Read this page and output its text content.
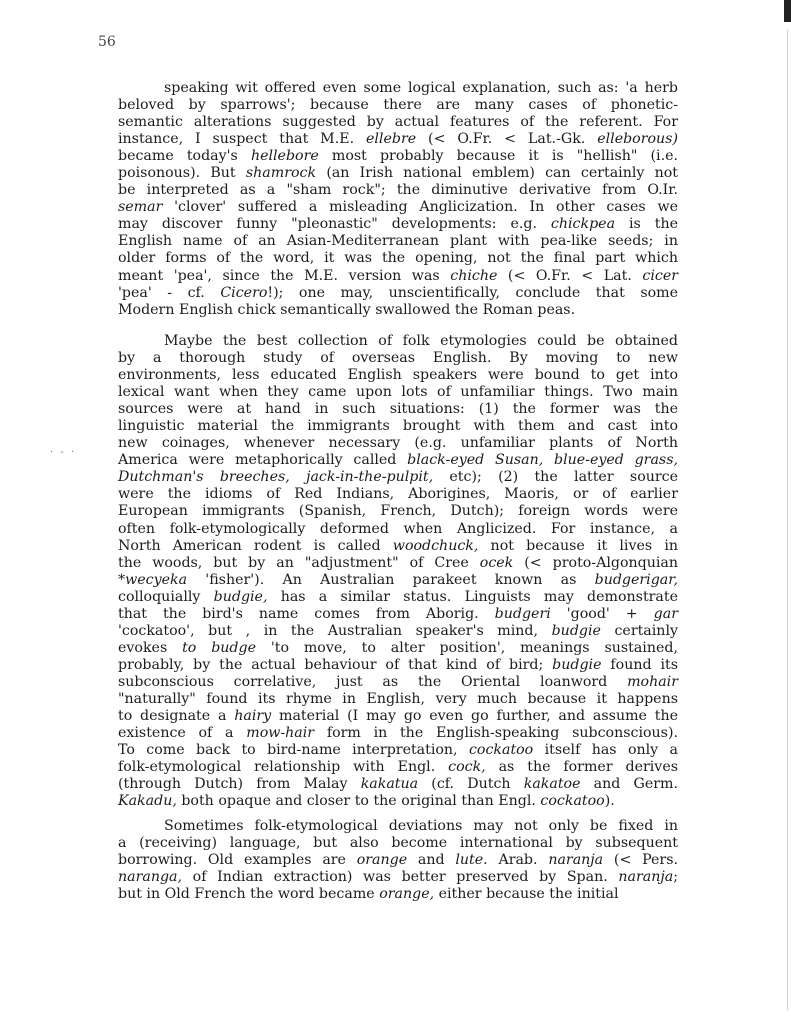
· - ·
56
speaking wit offered even some logical explanation, such as: 'a herb
beloved by sparrows'; because there are many cases of phonetic-
semantic alterations suggested by actual features of the referent. For
instance, I suspect that M.E. ellebre (< O.Fr. < Lat.-Gk. elleborous)
became today's hellebore most probably because it is "hellish" (i.e.
poisonous). But shamrock (an Irish national emblem) can certainly not
be interpreted as a "sham rock"; the diminutive derivative from O.Ir.
semar 'clover' suffered a misleading Anglicization. In other cases we
may discover funny "pleonastic" developments: e.g. chickpea is the
English name of an Asian-Mediterranean plant with pea-like seeds; in
older forms of the word, it was the opening, not the final part which
meant 'pea', since the M.E. version was chiche (< O.Fr. < Lat. cicer
'pea' - cf. Cicero!); one may, unscientifically, conclude that some
Modern English chick semantically swallowed the Roman peas.
Maybe the best collection of folk etymologies could be obtained
by a thorough study of overseas English. By moving to new
environments, less educated English speakers were bound to get into
lexical want when they came upon lots of unfamiliar things. Two main
sources were at hand in such situations: (1) the former was the
linguistic material the immigrants brought with them and cast into
new coinages, whenever necessary (e.g. unfamiliar plants of North
America were metaphorically called black-eyed Susan, blue-eyed grass,
Dutchman's breeches, jack-in-the-pulpit, etc); (2) the latter source
were the idioms of Red Indians, Aborigines, Maoris, or of earlier
European immigrants (Spanish, French, Dutch); foreign words were
often folk-etymologically deformed when Anglicized. For instance, a
North American rodent is called woodchuck, not because it lives in
the woods, but by an "adjustment" of Cree ocek (< proto-Algonquian
*wecyeka 'fisher'). An Australian parakeet known as budgerigar,
colloquially budgie, has a similar status. Linguists may demonstrate
that the bird's name comes from Aborig. budgeri 'good' + gar
'cockatoo', but , in the Australian speaker's mind, budgie certainly
evokes to budge 'to move, to alter position', meanings sustained,
probably, by the actual behaviour of that kind of bird; budgie found its
subconscious correlative, just as the Oriental loanword mohair
"naturally" found its rhyme in English, very much because it happens
to designate a hairy material (I may go even go further, and assume the
existence of a mow-hair form in the English-speaking subconscious).
To come back to bird-name interpretation, cockatoo itself has only a
folk-etymological relationship with Engl. cock, as the former derives
(through Dutch) from Malay kakatua (cf. Dutch kakatoe and Germ.
Kakadu, both opaque and closer to the original than Engl. cockatoo).
Sometimes folk-etymological deviations may not only be fixed in
a (receiving) language, but also become international by subsequent
borrowing. Old examples are orange and lute. Arab. naranja (< Pers.
naranga, of Indian extraction) was better preserved by Span. naranja;
but in Old French the word became orange, either because the initial
